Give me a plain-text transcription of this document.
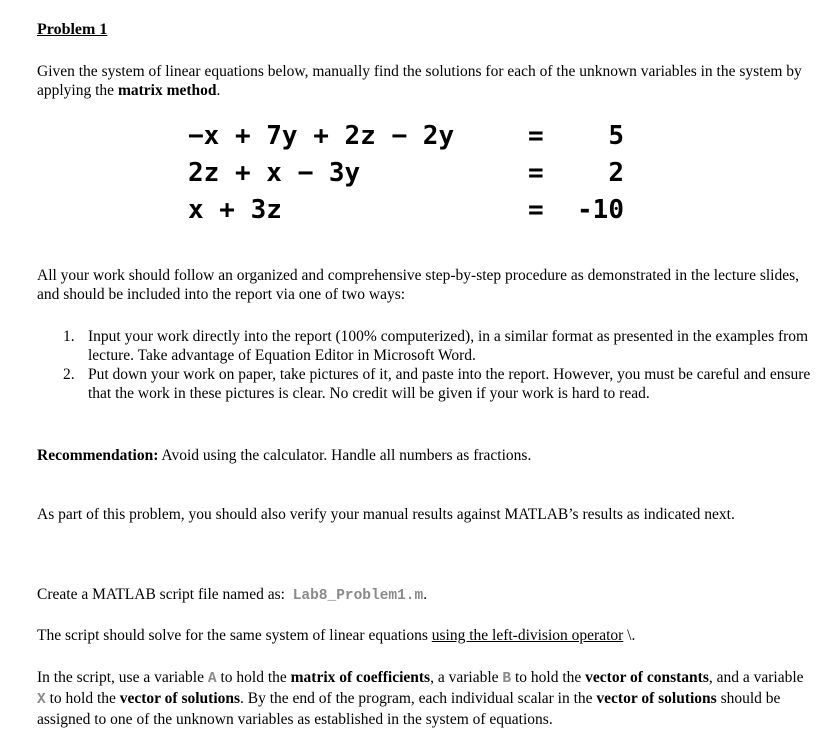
Problem 1

Given the system of linear equations below, manually find the solutions for each of the unknown variables in the system by applying the matrix method.

−x + 7y + 2z − 2y	= 5
2z + x − 3y	= 2
x + 3z	= -10

All your work should follow an organized and comprehensive step-by-step procedure as demonstrated in the lecture slides, and should be included into the report via one of two ways:

1. Input your work directly into the report (100% computerized), in a similar format as presented in the examples from lecture. Take advantage of Equation Editor in Microsoft Word.
2. Put down your work on paper, take pictures of it, and paste into the report. However, you must be careful and ensure that the work in these pictures is clear. No credit will be given if your work is hard to read.

Recommendation: Avoid using the calculator. Handle all numbers as fractions.

As part of this problem, you should also verify your manual results against MATLAB’s results as indicated next.

Create a MATLAB script file named as:  Lab8_Problem1.m.

The script should solve for the same system of linear equations using the left-division operator \.

In the script, use a variable A to hold the matrix of coefficients, a variable B to hold the vector of constants, and a variable X to hold the vector of solutions. By the end of the program, each individual scalar in the vector of solutions should be assigned to one of the unknown variables as established in the system of equations.
